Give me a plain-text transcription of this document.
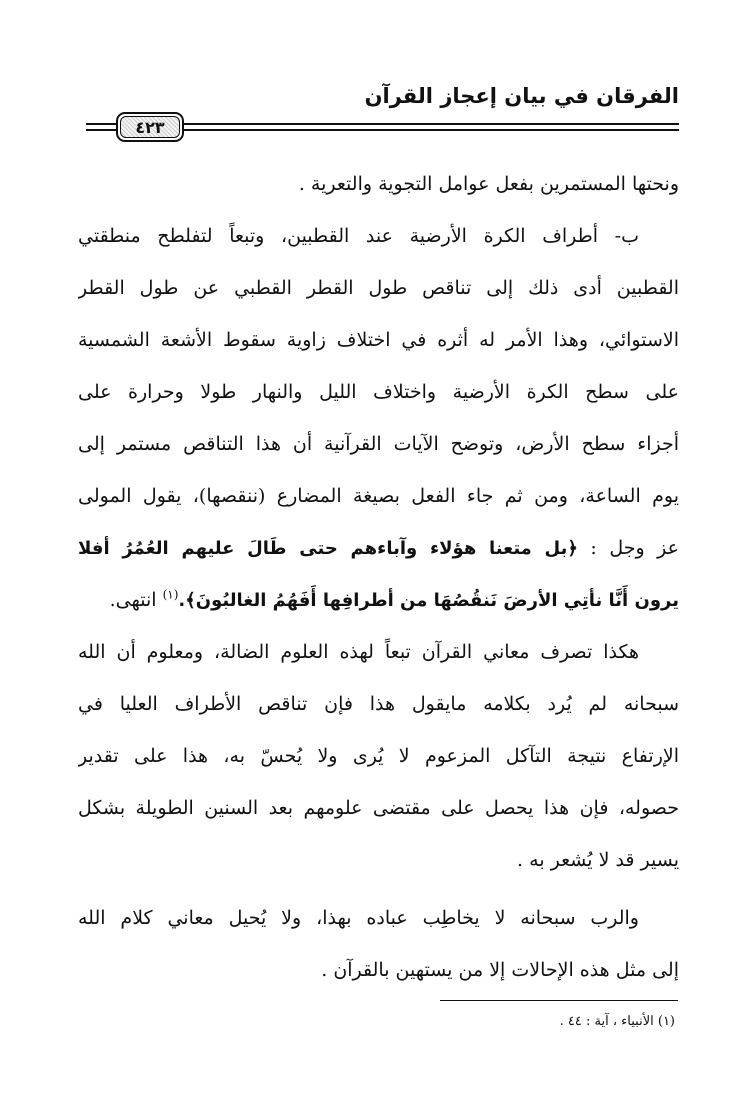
الفرقان في بيان إعجاز القرآن
٤٢٣
ونحتها المستمرين بفعل عوامل التجوية والتعرية .
ب- أطراف الكرة الأرضية عند القطبين، وتبعاً لتفلطح منطقتي
القطبين أدى ذلك إلى تناقص طول القطر القطبي عن طول القطر
الاستوائي، وهذا الأمر له أثره في اختلاف زاوية سقوط الأشعة الشمسية
على سطح الكرة الأرضية واختلاف الليل والنهار طولا وحرارة على
أجزاء سطح الأرض، وتوضح الآيات القرآنية أن هذا التناقص مستمر إلى
يوم الساعة، ومن ثم جاء الفعل بصيغة المضارع (ننقصها)، يقول المولى
عز وجل : ﴿بل متعنا هؤلاء وآباءهم حتى طَالَ عليهم العُمُرُ أفلا
يرون أَنَّا نأتِي الأرضَ نَنقُصُهَا من أطرافِها أَفَهُمُ الغالبُونَ﴾.$^{(١)}$ انتهى.
هكذا تصرف معاني القرآن تبعاً لهذه العلوم الضالة، ومعلوم أن الله
سبحانه لم يُرد بكلامه مايقول هذا فإن تناقص الأطراف العليا في
الإرتفاع نتيجة التآكل المزعوم لا يُرى ولا يُحسّ به، هذا على تقدير
حصوله، فإن هذا يحصل على مقتضى علومهم بعد السنين الطويلة بشكل
يسير قد لا يُشعر به .
والرب سبحانه لا يخاطِب عباده بهذا، ولا يُحيل معاني كلام الله
إلى مثل هذه الإحالات إلا من يستهين بالقرآن .
(١) الأنبياء ، آية : ٤٤ .
